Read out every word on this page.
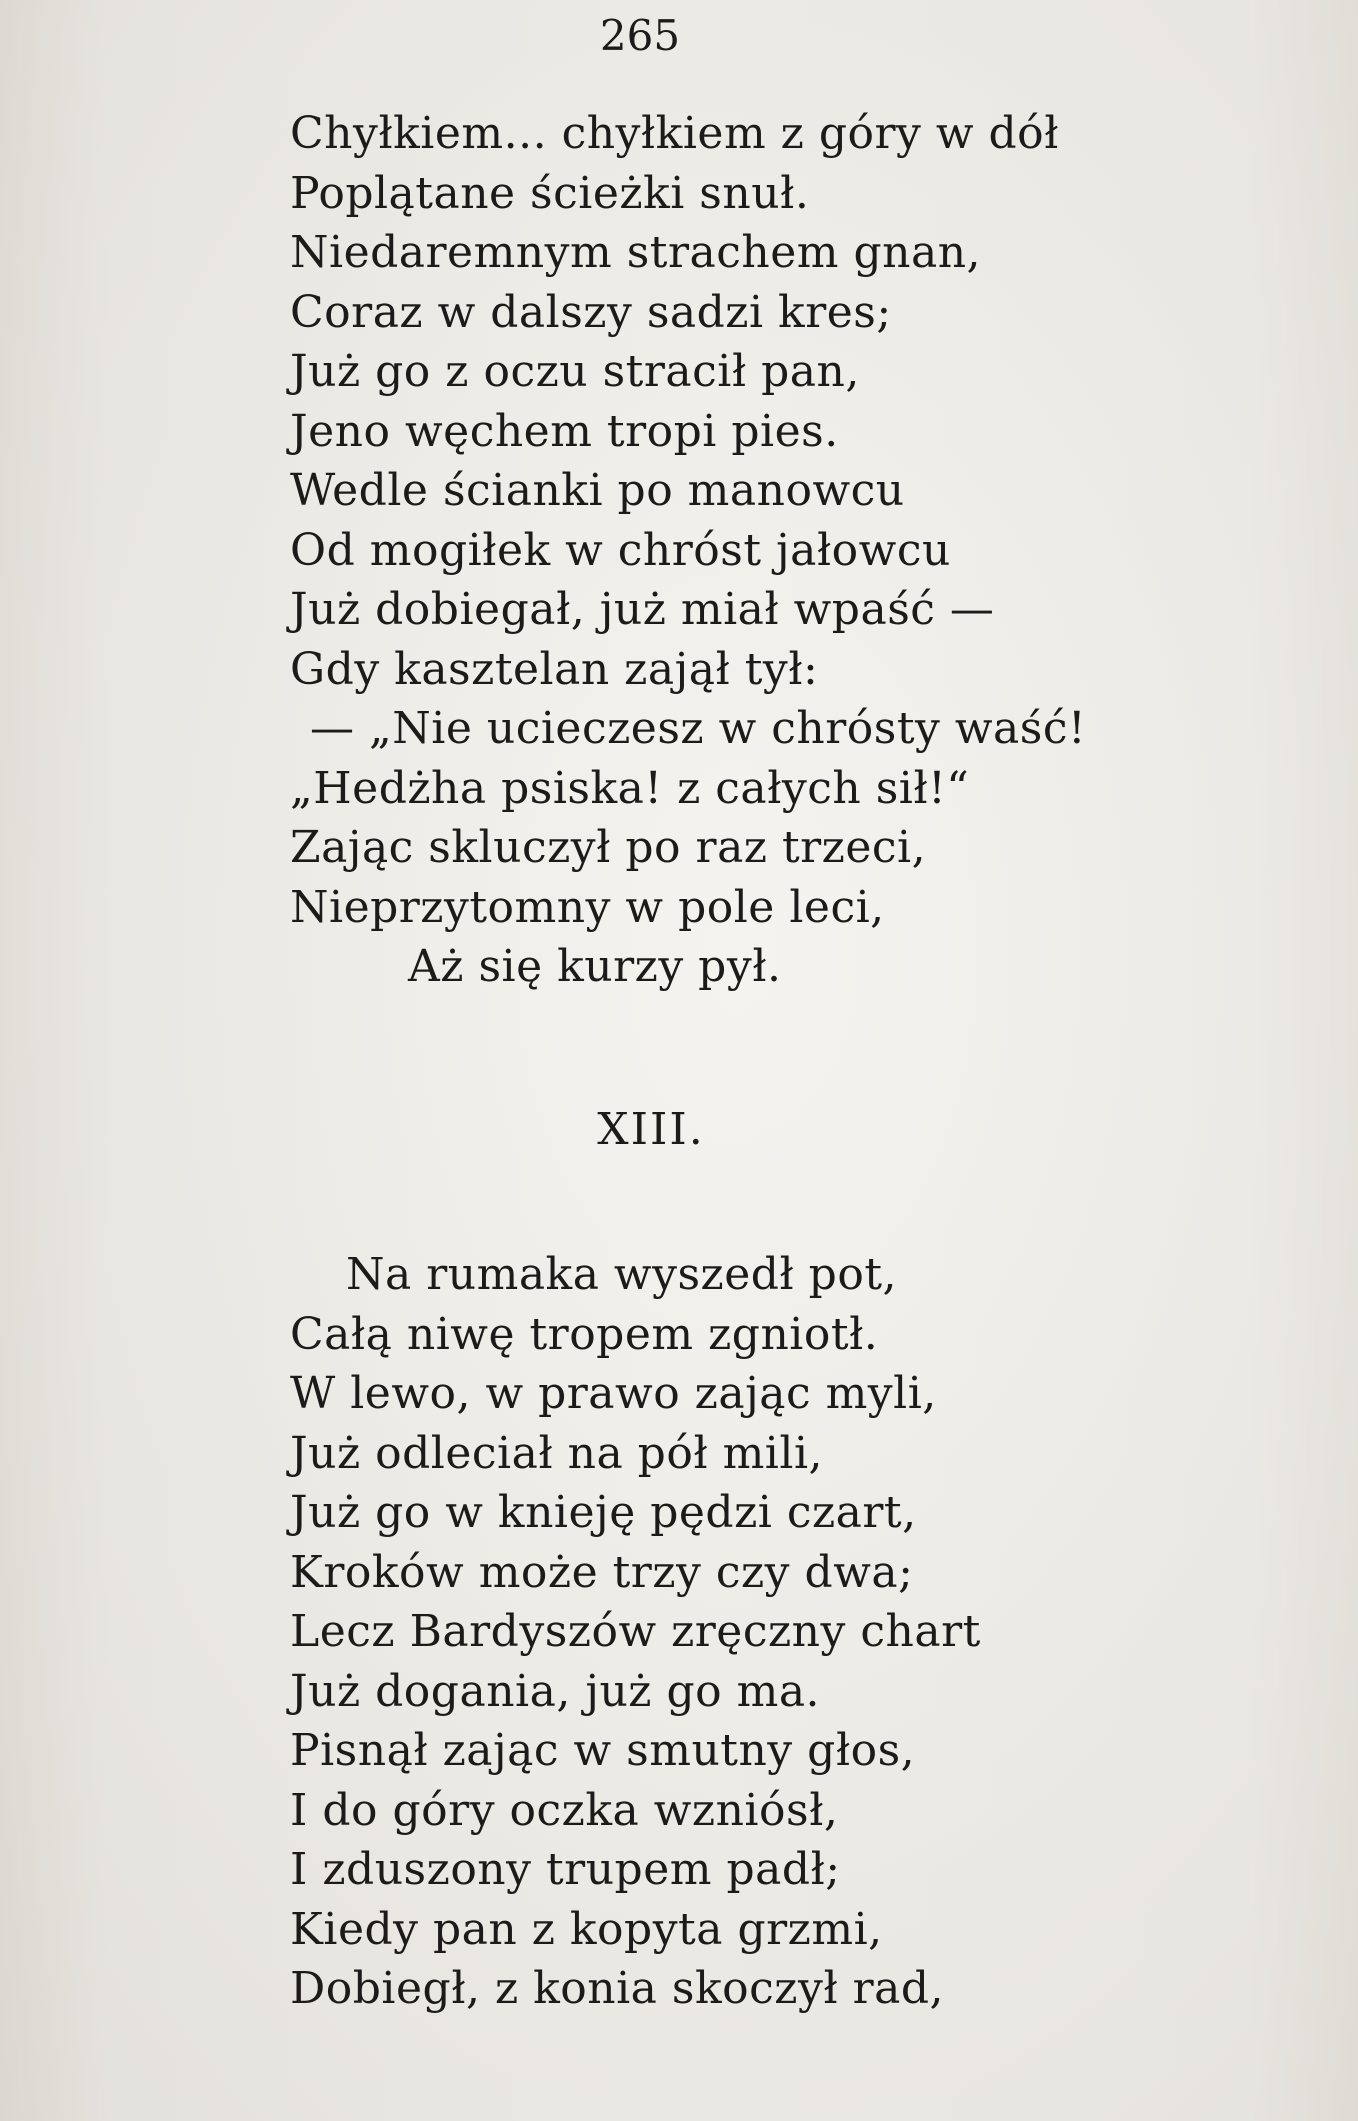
265
Chyłkiem... chyłkiem z góry w dół
Poplątane ścieżki snuł.
Niedaremnym strachem gnan,
Coraz w dalszy sadzi kres;
Już go z oczu stracił pan,
Jeno węchem tropi pies.
Wedle ścianki po manowcu
Od mogiłek w chróst jałowcu
Już dobiegał, już miał wpaść —
Gdy kasztelan zajął tył:
— „Nie ucieczesz w chrósty waść!
„Hedżha psiska! z całych sił!“
Zając skluczył po raz trzeci,
Nieprzytomny w pole leci,
Aż się kurzy pył.
XIII.
Na rumaka wyszedł pot,
Całą niwę tropem zgniotł.
W lewo, w prawo zając myli,
Już odleciał na pół mili,
Już go w knieję pędzi czart,
Kroków może trzy czy dwa;
Lecz Bardyszów zręczny chart
Już dogania, już go ma.
Pisnął zając w smutny głos,
I do góry oczka wzniósł,
I zduszony trupem padł;
Kiedy pan z kopyta grzmi,
Dobiegł, z konia skoczył rad,
